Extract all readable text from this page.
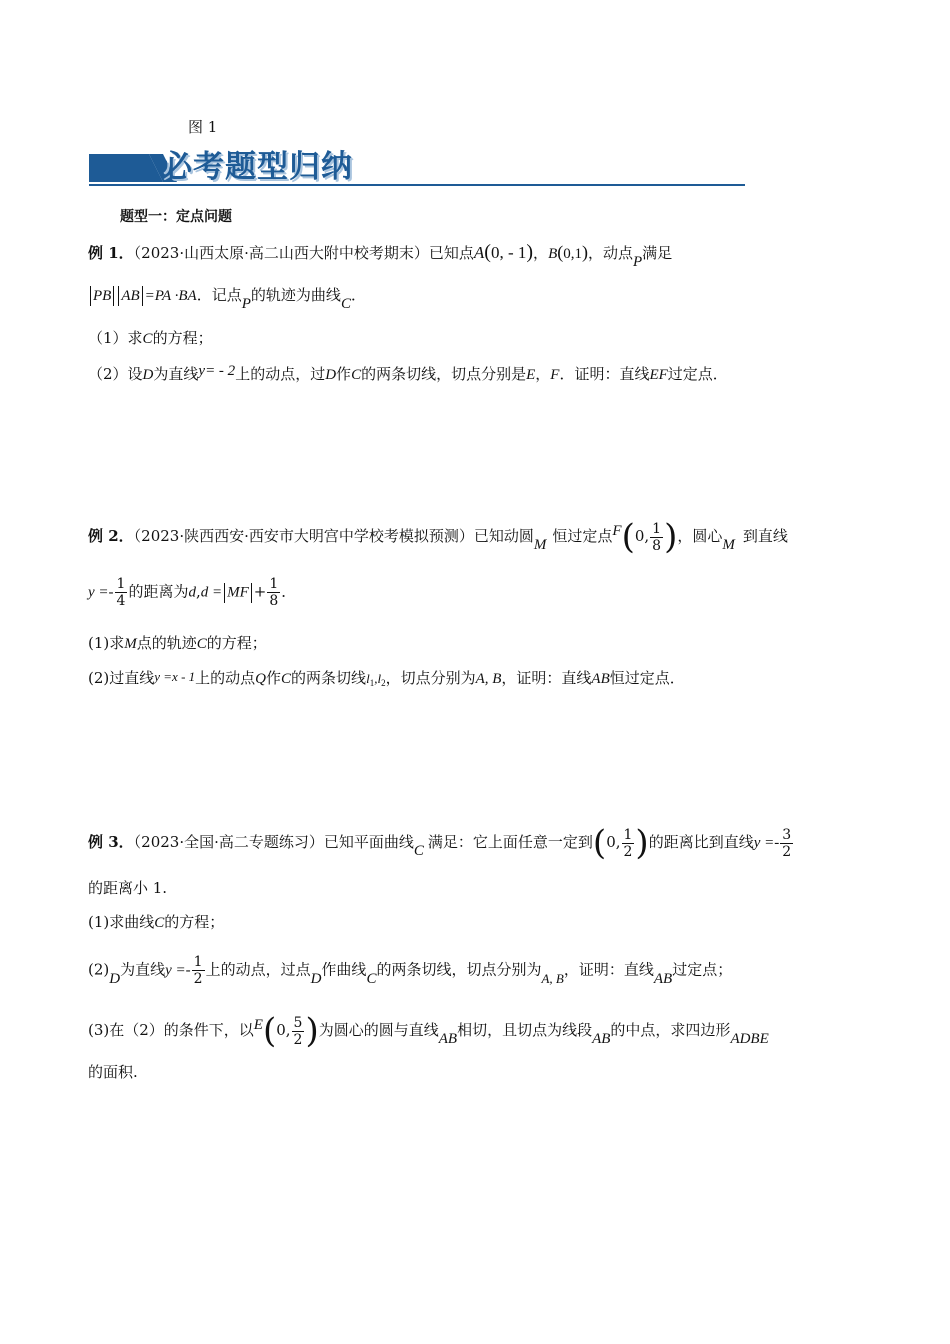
图 1
必考题型归纳
题型一：定点问题
例 1．（2023·山西太原·高二山西大附中校考期末）已知点A(0, - 1)，B(0,1)，动点P满足
PB AB =PA ·BA．记点P的轨迹为曲线C．
（1）求C的方程；
（2）设D为直线y= - 2上的动点，过D作C的两条切线，切点分别是E，F．证明：直线EF过定点．
例 2．（2023·陕西西安·西安市大明宫中学校考模拟预测）已知动圆M 恒过定点F(0, $\frac{1}{8}$ )，圆心M 到直线
$y =- \frac{1}{4}$ 的距离为d,d = MF + $\frac{1}{8}$ ．
(1)求M点的轨迹C的方程；
(2)过直线y =x - 1上的动点Q作C的两条切线$l_1,l_2$，切点分别为A, B，证明：直线AB恒过定点．
例 3．（2023·全国·高二专题练习）已知平面曲线C 满足：它上面任意一定到(0, $\frac{1}{2}$ )的距离比到直线$y =- \frac{3}{2}$
的距离小 1.
(1)求曲线C的方程；
(2)D为直线$y =- \frac{1}{2}$ 上的动点，过点D作曲线C的两条切线，切点分别为A, B，证明：直线AB过定点；
(3)在（2）的条件下，以E(0, $\frac{5}{2}$ )为圆心的圆与直线AB相切，且切点为线段AB的中点，求四边形ADBE
的面积.
